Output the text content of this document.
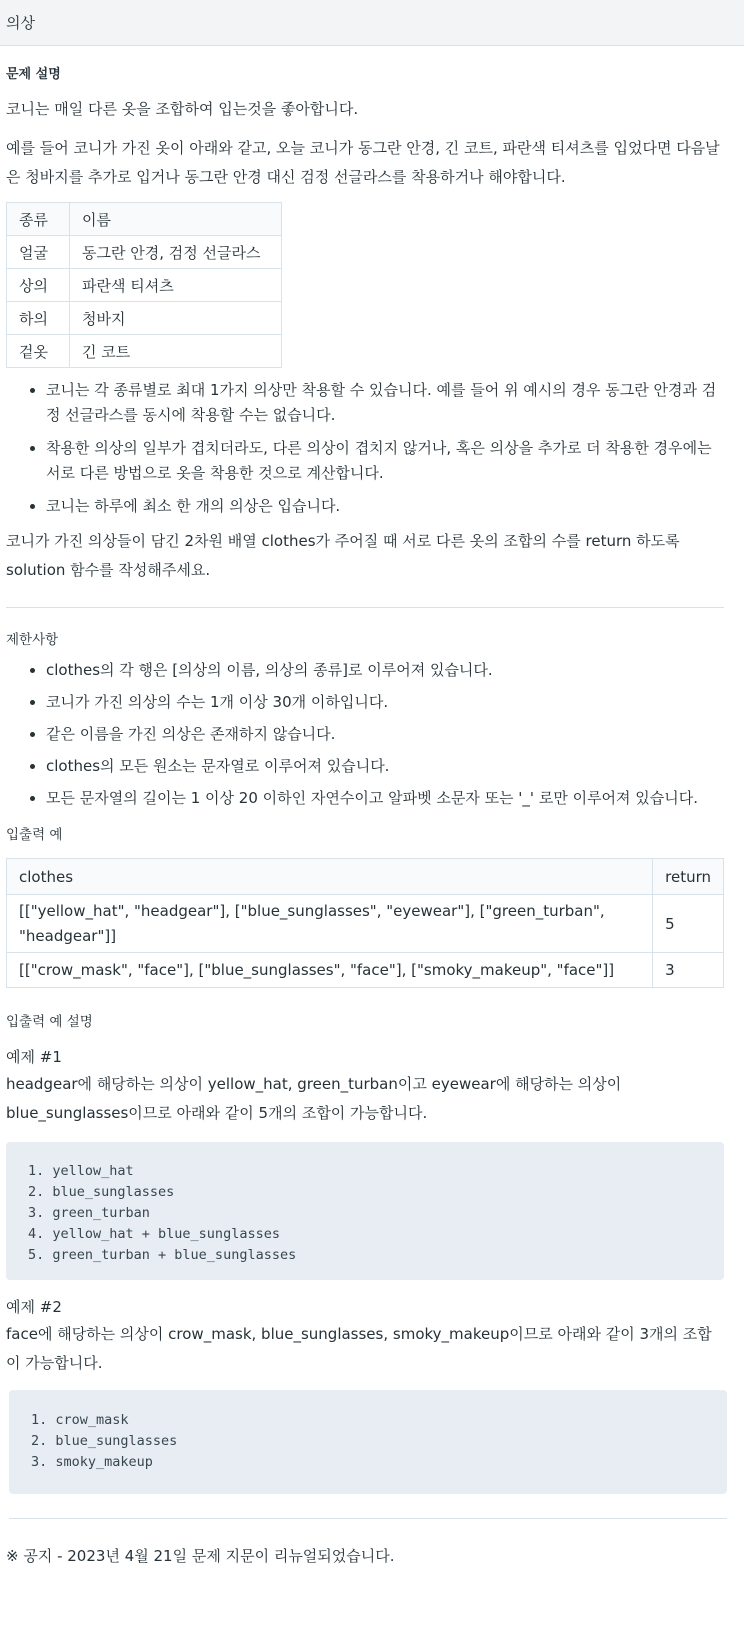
의상
문제 설명

코니는 매일 다른 옷을 조합하여 입는것을 좋아합니다.

예를 들어 코니가 가진 옷이 아래와 같고, 오늘 코니가 동그란 안경, 긴 코트, 파란색 티셔츠를 입었다면 다음날
은 청바지를 추가로 입거나 동그란 안경 대신 검정 선글라스를 착용하거나 해야합니다.

종류	이름
얼굴	동그란 안경, 검정 선글라스
상의	파란색 티셔츠
하의	청바지
겉옷	긴 코트
• 코니는 각 종류별로 최대 1가지 의상만 착용할 수 있습니다. 예를 들어 위 예시의 경우 동그란 안경과 검
정 선글라스를 동시에 착용할 수는 없습니다.
• 착용한 의상의 일부가 겹치더라도, 다른 의상이 겹치지 않거나, 혹은 의상을 추가로 더 착용한 경우에는
서로 다른 방법으로 옷을 착용한 것으로 계산합니다.
• 코니는 하루에 최소 한 개의 의상은 입습니다.

코니가 가진 의상들이 담긴 2차원 배열 clothes가 주어질 때 서로 다른 옷의 조합의 수를 return 하도록
solution 함수를 작성해주세요.

제한사항
• clothes의 각 행은 [의상의 이름, 의상의 종류]로 이루어져 있습니다.
• 코니가 가진 의상의 수는 1개 이상 30개 이하입니다.
• 같은 이름을 가진 의상은 존재하지 않습니다.
• clothes의 모든 원소는 문자열로 이루어져 있습니다.
• 모든 문자열의 길이는 1 이상 20 이하인 자연수이고 알파벳 소문자 또는 '_' 로만 이루어져 있습니다.
입출력 예
clothes	return
[["yellow_hat", "headgear"], ["blue_sunglasses", "eyewear"], ["green_turban",
"headgear"]]	5
[["crow_mask", "face"], ["blue_sunglasses", "face"], ["smoky_makeup", "face"]]	3
입출력 예 설명
예제 #1

headgear에 해당하는 의상이 yellow_hat, green_turban이고 eyewear에 해당하는 의상이
blue_sunglasses이므로 아래와 같이 5개의 조합이 가능합니다.

1. yellow_hat
2. blue_sunglasses
3. green_turban
4. yellow_hat + blue_sunglasses
5. green_turban + blue_sunglasses
예제 #2

face에 해당하는 의상이 crow_mask, blue_sunglasses, smoky_makeup이므로 아래와 같이 3개의 조합
이 가능합니다.

1. crow_mask
2. blue_sunglasses
3. smoky_makeup
※ 공지 - 2023년 4월 21일 문제 지문이 리뉴얼되었습니다.
